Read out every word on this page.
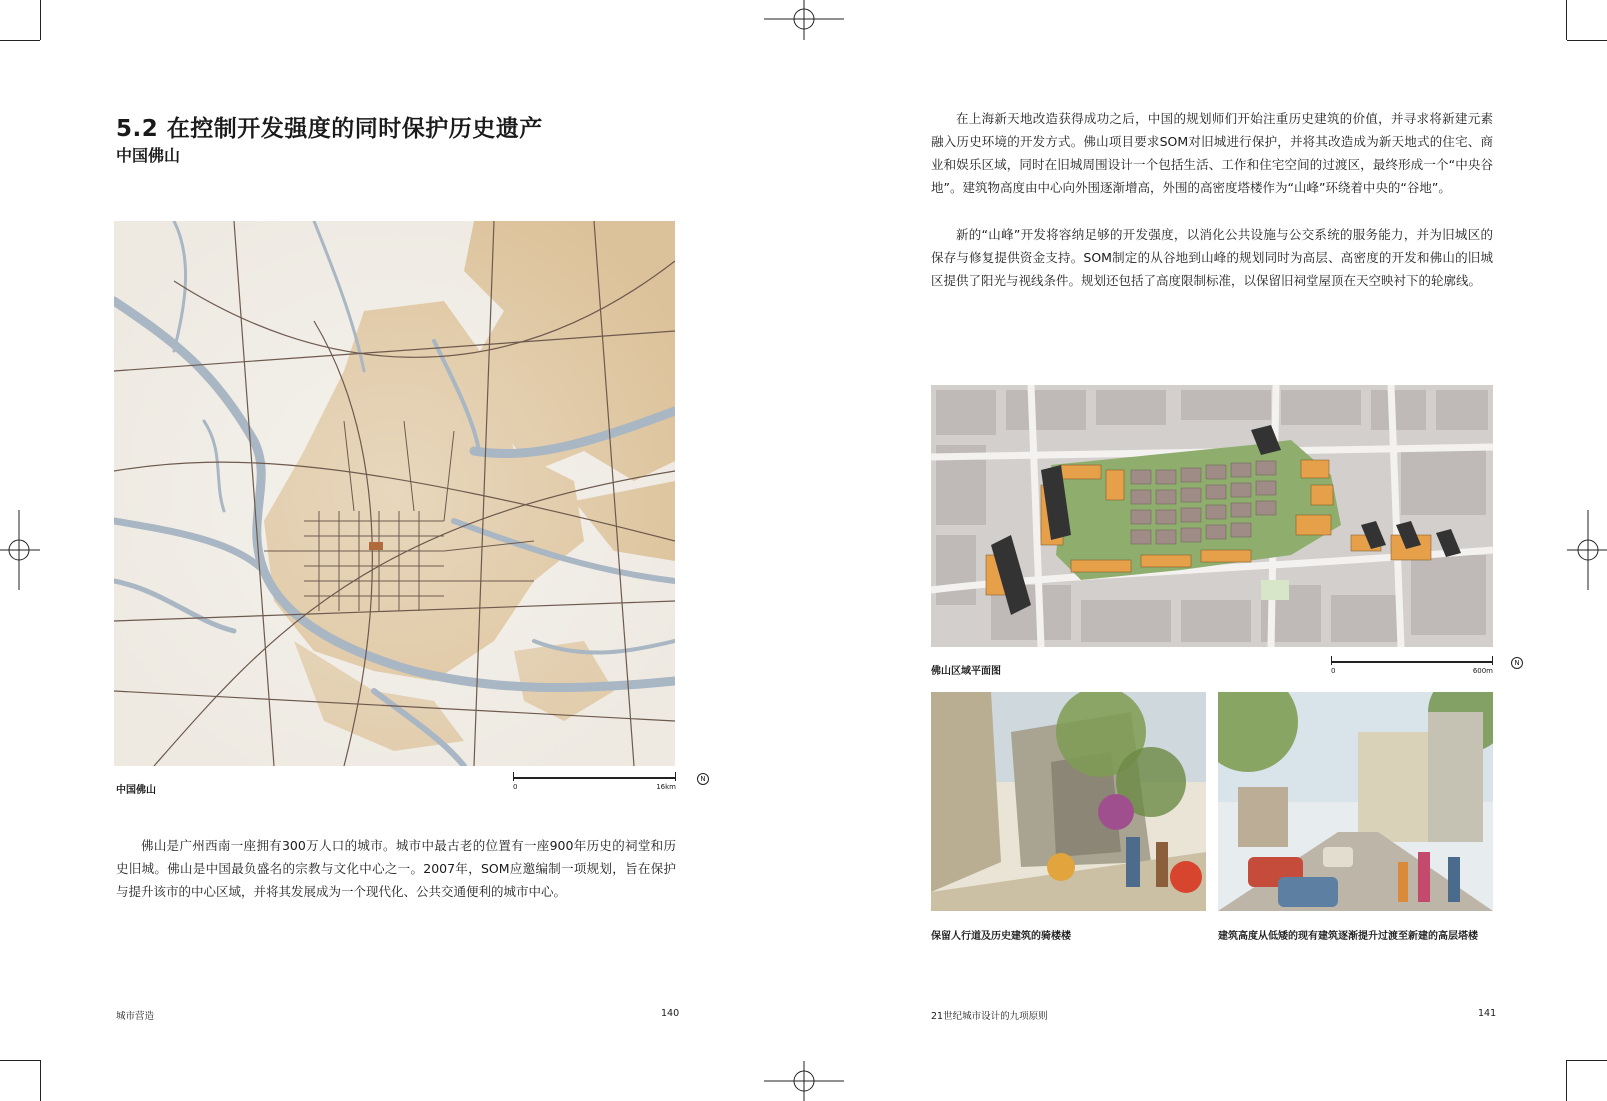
5.2 在控制开发强度的同时保护历史遗产
中国佛山
中国佛山	0	16km
N
佛山是广州西南一座拥有300万人口的城市。城市中最古老的位置有一座900年历史的祠堂和历史旧城。佛山是中国最负盛名的宗教与文化中心之一。2007年，SOM应邀编制一项规划，旨在保护与提升该市的中心区域，并将其发展成为一个现代化、公共交通便利的城市中心。
城市营造	140
在上海新天地改造获得成功之后，中国的规划师们开始注重历史建筑的价值，并寻求将新建元素融入历史环境的开发方式。佛山项目要求SOM对旧城进行保护，并将其改造成为新天地式的住宅、商业和娱乐区域，同时在旧城周围设计一个包括生活、工作和住宅空间的过渡区，最终形成一个“中央谷地”。建筑物高度由中心向外围逐渐增高，外围的高密度塔楼作为“山峰”环绕着中央的“谷地”。
新的“山峰”开发将容纳足够的开发强度，以消化公共设施与公交系统的服务能力，并为旧城区的保存与修复提供资金支持。SOM制定的从谷地到山峰的规划同时为高层、高密度的开发和佛山的旧城区提供了阳光与视线条件。规划还包括了高度限制标准，以保留旧祠堂屋顶在天空映衬下的轮廓线。
佛山区域平面图	0	600m
N
保留人行道及历史建筑的骑楼楼	建筑高度从低矮的现有建筑逐渐提升过渡至新建的高层塔楼
21世纪城市设计的九项原则	141
